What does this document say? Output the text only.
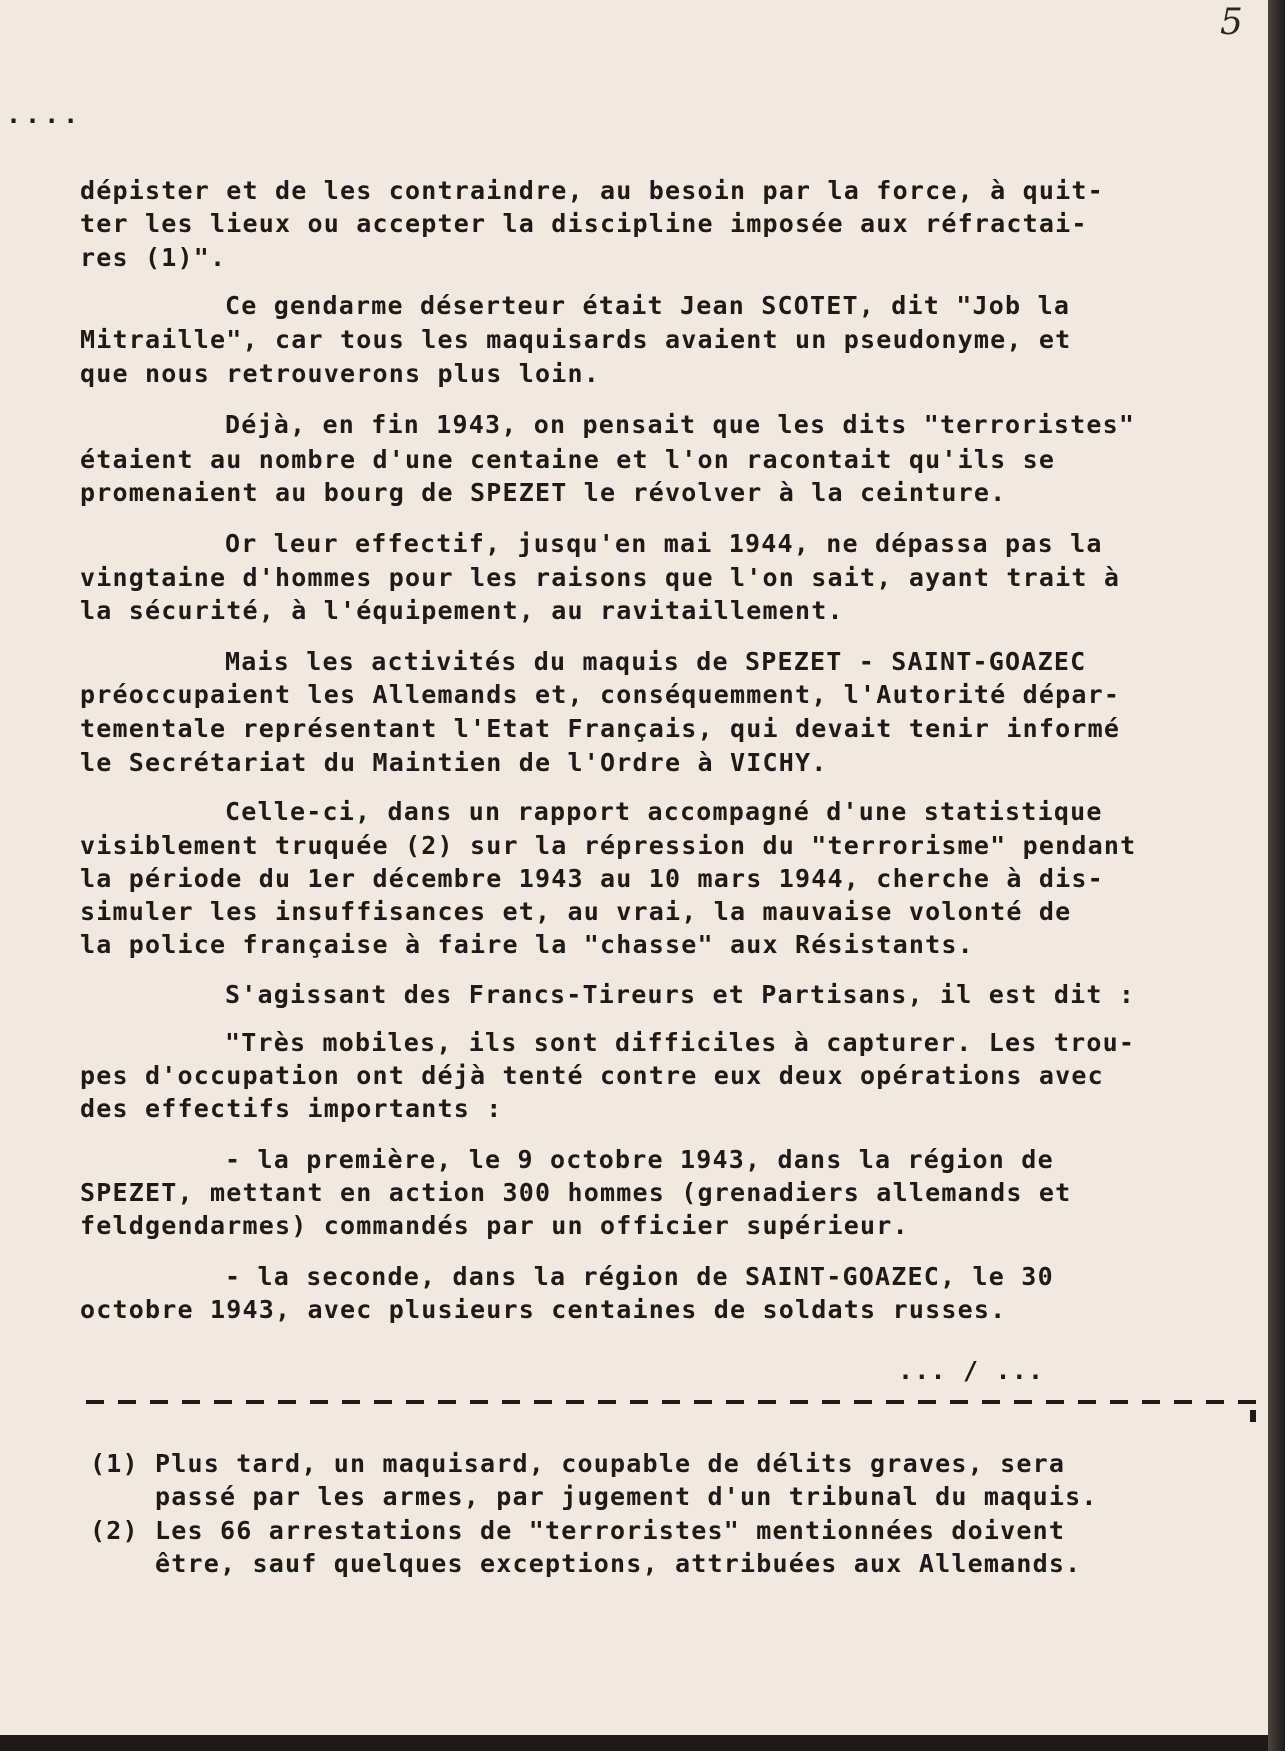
5
....
dépister et de les contraindre, au besoin par la force, à quit-
ter les lieux ou accepter la discipline imposée aux réfractai-
res (1)".
Ce gendarme déserteur était Jean SCOTET, dit "Job la
Mitraille", car tous les maquisards avaient un pseudonyme, et
que nous retrouverons plus loin.
Déjà, en fin 1943, on pensait que les dits "terroristes"
étaient au nombre d'une centaine et l'on racontait qu'ils se
promenaient au bourg de SPEZET le révolver à la ceinture.
Or leur effectif, jusqu'en mai 1944, ne dépassa pas la
vingtaine d'hommes pour les raisons que l'on sait, ayant trait à
la sécurité, à l'équipement, au ravitaillement.
Mais les activités du maquis de SPEZET - SAINT-GOAZEC
préoccupaient les Allemands et, conséquemment, l'Autorité dépar-
tementale représentant l'Etat Français, qui devait tenir informé
le Secrétariat du Maintien de l'Ordre à VICHY.
Celle-ci, dans un rapport accompagné d'une statistique
visiblement truquée (2) sur la répression du "terrorisme" pendant
la période du 1er décembre 1943 au 10 mars 1944, cherche à dis-
simuler les insuffisances et, au vrai, la mauvaise volonté de
la police française à faire la "chasse" aux Résistants.
S'agissant des Francs-Tireurs et Partisans, il est dit :
"Très mobiles, ils sont difficiles à capturer. Les trou-
pes d'occupation ont déjà tenté contre eux deux opérations avec
des effectifs importants :
- la première, le 9 octobre 1943, dans la région de
SPEZET, mettant en action 300 hommes (grenadiers allemands et
feldgendarmes) commandés par un officier supérieur.
- la seconde, dans la région de SAINT-GOAZEC, le 30
octobre 1943, avec plusieurs centaines de soldats russes.
... / ...
(1) Plus tard, un maquisard, coupable de délits graves, sera
passé par les armes, par jugement d'un tribunal du maquis.
(2) Les 66 arrestations de "terroristes" mentionnées doivent
être, sauf quelques exceptions, attribuées aux Allemands.
